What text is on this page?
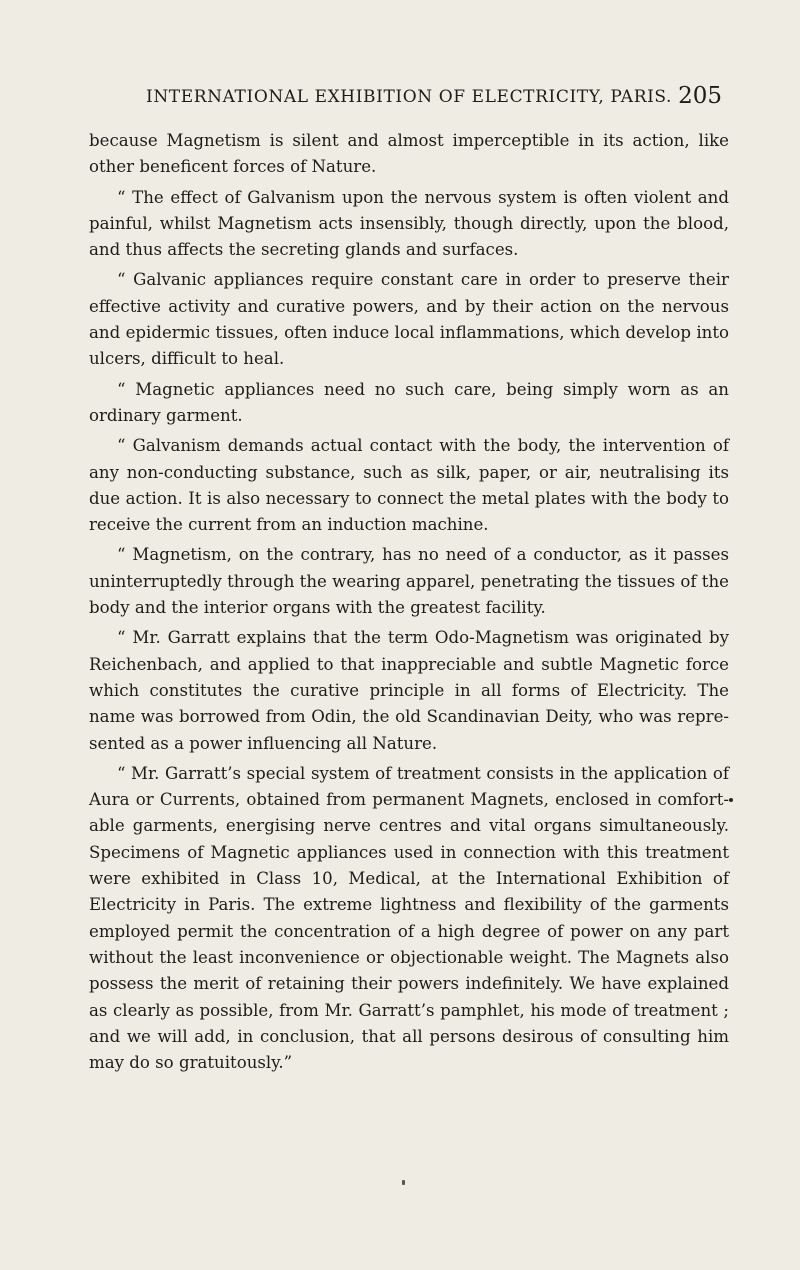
INTERNATIONAL EXHIBITION OF ELECTRICITY, PARIS. 205

because Magnetism is silent and almost imperceptible in its action, like other beneficent forces of Nature.

“ The effect of Galvanism upon the nervous system is often violent and painful, whilst Magnetism acts insensibly, though directly, upon the blood, and thus affects the secreting glands and surfaces.

“ Galvanic appliances require constant care in order to preserve their effective activity and curative powers, and by their action on the nervous and epidermic tissues, often induce local inflammations, which develop into ulcers, difficult to heal.

“ Magnetic appliances need no such care, being simply worn as an ordinary garment.

“ Galvanism demands actual contact with the body, the intervention of any non-conducting substance, such as silk, paper, or air, neutralising its due action. It is also necessary to connect the metal plates with the body to receive the current from an induction machine.

“ Magnetism, on the contrary, has no need of a conductor, as it passes uninterruptedly through the wearing apparel, penetrating the tissues of the body and the interior organs with the greatest facility.

“ Mr. Garratt explains that the term Odo-Magnetism was originated by Reichenbach, and applied to that inappreciable and subtle Magnetic force which constitutes the curative principle in all forms of Electricity. The name was borrowed from Odin, the old Scandinavian Deity, who was repre- sented as a power influencing all Nature.

“ Mr. Garratt’s special system of treatment consists in the application of Aura or Currents, obtained from permanent Magnets, enclosed in comfort- able garments, energising nerve centres and vital organs simultaneously. Specimens of Magnetic appliances used in connection with this treatment were exhibited in Class 10, Medical, at the International Exhibition of Electricity in Paris. The extreme lightness and flexibility of the garments employed permit the concentration of a high degree of power on any part without the least inconvenience or objectionable weight. The Magnets also possess the merit of retaining their powers indefinitely. We have explained as clearly as possible, from Mr. Garratt’s pamphlet, his mode of treatment ; and we will add, in conclusion, that all persons desirous of consulting him may do so gratuitously.”
